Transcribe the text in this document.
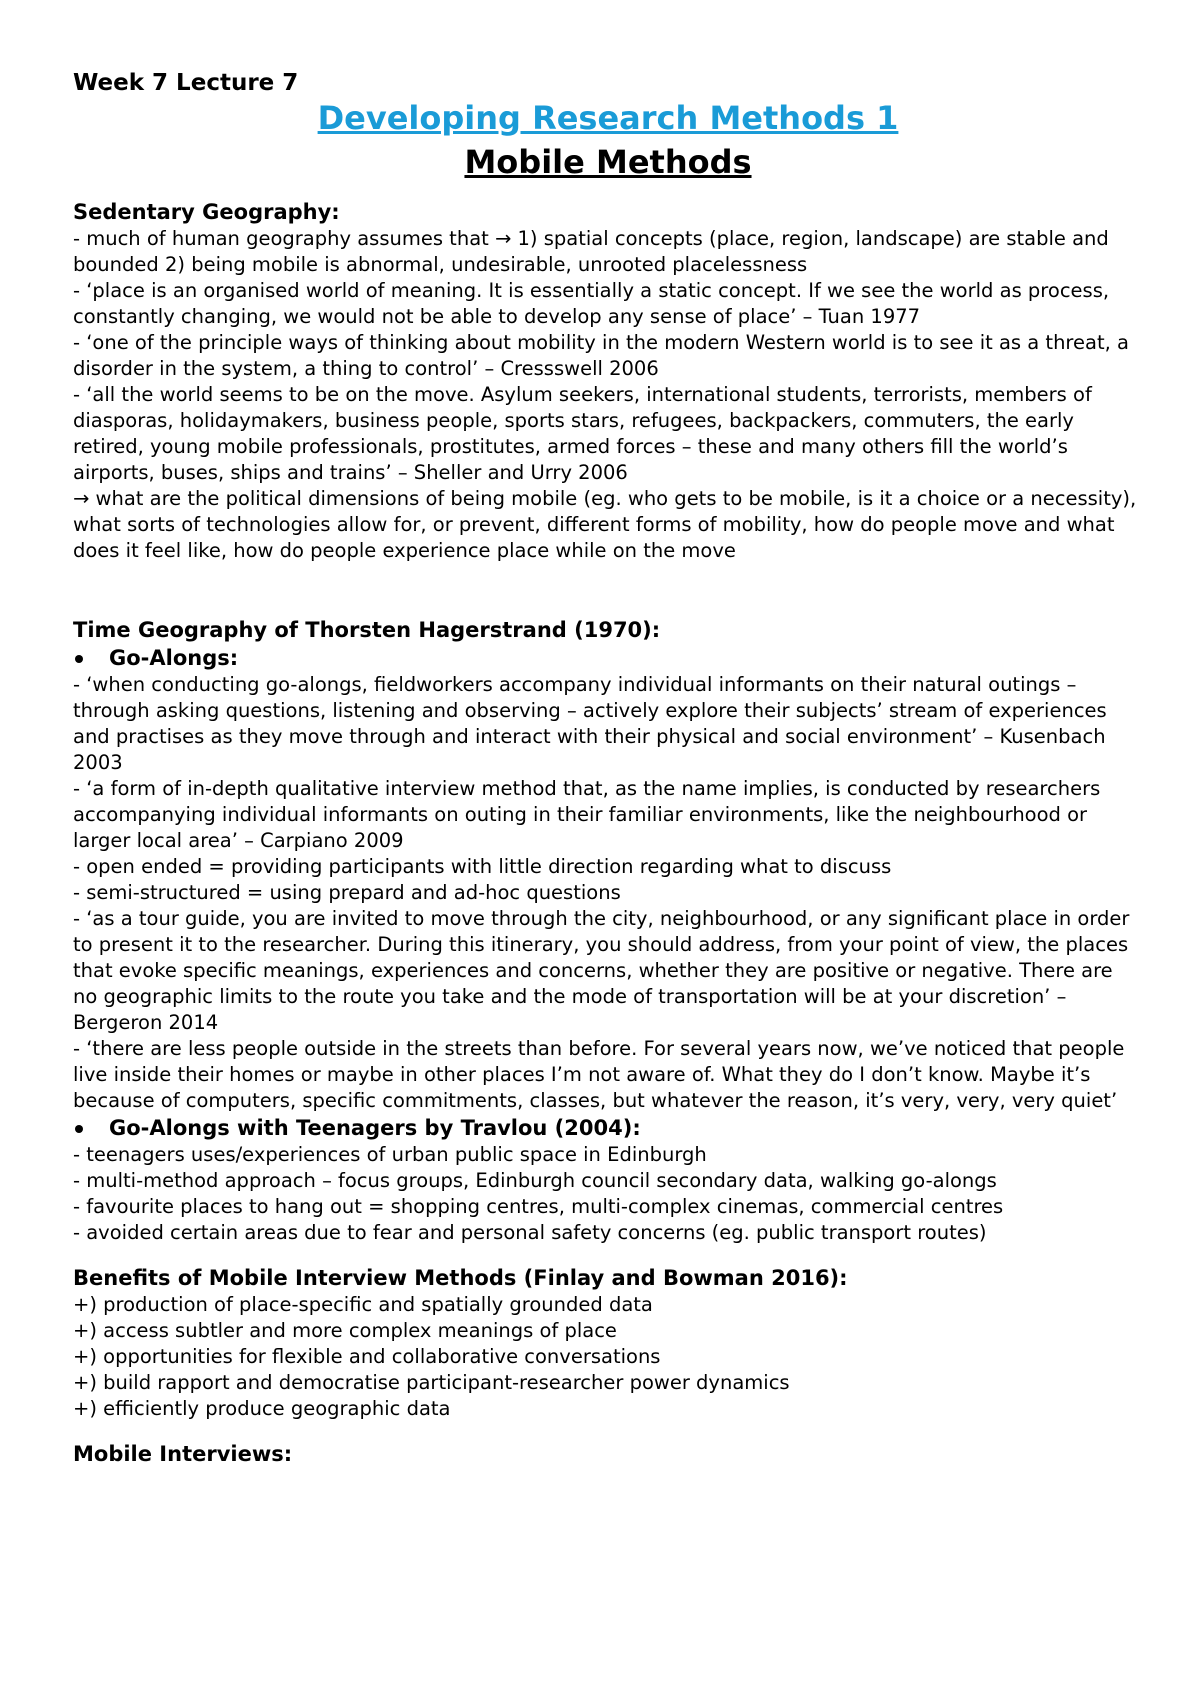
Week 7 Lecture 7
Developing Research Methods 1
Mobile Methods
Sedentary Geography:

- much of human geography assumes that → 1) spatial concepts (place, region, landscape) are stable and bounded 2) being mobile is abnormal, undesirable, unrooted placelessness

- ‘place is an organised world of meaning. It is essentially a static concept. If we see the world as process, constantly changing, we would not be able to develop any sense of place’ – Tuan 1977

- ‘one of the principle ways of thinking about mobility in the modern Western world is to see it as a threat, a disorder in the system, a thing to control’ – Cressswell 2006

- ‘all the world seems to be on the move. Asylum seekers, international students, terrorists, members of diasporas, holidaymakers, business people, sports stars, refugees, backpackers, commuters, the early retired, young mobile professionals, prostitutes, armed forces – these and many others fill the world’s airports, buses, ships and trains’ – Sheller and Urry 2006

→ what are the political dimensions of being mobile (eg. who gets to be mobile, is it a choice or a necessity), what sorts of technologies allow for, or prevent, different forms of mobility, how do people move and what does it feel like, how do people experience place while on the move

Time Geography of Thorsten Hagerstrand (1970):
Go-Alongs:

- ‘when conducting go-alongs, fieldworkers accompany individual informants on their natural outings – through asking questions, listening and observing – actively explore their subjects’ stream of experiences and practises as they move through and interact with their physical and social environment’ – Kusenbach 2003

- ‘a form of in-depth qualitative interview method that, as the name implies, is conducted by researchers accompanying individual informants on outing in their familiar environments, like the neighbourhood or larger local area’ – Carpiano 2009

- open ended = providing participants with little direction regarding what to discuss

- semi-structured = using prepard and ad-hoc questions

- ‘as a tour guide, you are invited to move through the city, neighbourhood, or any significant place in order to present it to the researcher. During this itinerary, you should address, from your point of view, the places that evoke specific meanings, experiences and concerns, whether they are positive or negative. There are no geographic limits to the route you take and the mode of transportation will be at your discretion’ – Bergeron 2014

- ‘there are less people outside in the streets than before. For several years now, we’ve noticed that people live inside their homes or maybe in other places I’m not aware of. What they do I don’t know. Maybe it’s because of computers, specific commitments, classes, but whatever the reason, it’s very, very, very quiet’

Go-Alongs with Teenagers by Travlou (2004):

- teenagers uses/experiences of urban public space in Edinburgh

- multi-method approach – focus groups, Edinburgh council secondary data, walking go-alongs

- favourite places to hang out = shopping centres, multi-complex cinemas, commercial centres

- avoided certain areas due to fear and personal safety concerns (eg. public transport routes)

Benefits of Mobile Interview Methods (Finlay and Bowman 2016):

+) production of place-specific and spatially grounded data

+) access subtler and more complex meanings of place

+) opportunities for flexible and collaborative conversations

+) build rapport and democratise participant-researcher power dynamics

+) efficiently produce geographic data

Mobile Interviews:
